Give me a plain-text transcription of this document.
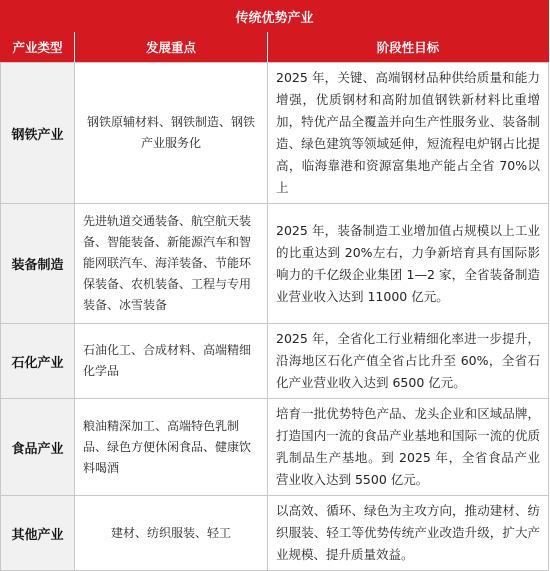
传统优势产业		
产业类型	发展重点	阶段性目标
钢铁产业	钢铁原辅材料、钢铁制造、钢铁产业服务化	2025 年，关键、高端钢材品种供给质量和能力增强，优质钢材和高附加值钢铁新材料比重增加，特优产品全覆盖并向生产性服务业、装备制造、绿色建筑等领域延伸，短流程电炉钢占比提高，临海靠港和资源富集地产能占全省 70%以上
装备制造	先进轨道交通装备、航空航天装备、智能装备、新能源汽车和智能网联汽车、海洋装备、节能环保装备、农机装备、工程与专用装备、冰雪装备	2025 年，装备制造工业增加值占规模以上工业的比重达到 20%左右，力争新培育具有国际影响力的千亿级企业集团 1—2 家，全省装备制造业营业收入达到 11000 亿元。
石化产业	石油化工、合成材料、高端精细化学品	2025 年，全省化工行业精细化率进一步提升，沿海地区石化产值全省占比升至 60%，全省石化产业营业收入达到 6500 亿元。
食品产业	粮油精深加工、高端特色乳制品、绿色方便休闲食品、健康饮料喝酒	培育一批优势特色产品、龙头企业和区域品牌，打造国内一流的食品产业基地和国际一流的优质乳制品生产基地。到 2025 年，全省食品产业营业收入达到 5500 亿元。
其他产业	建材、纺织服装、轻工	以高效、循环、绿色为主攻方向，推动建材、纺织服装、轻工等优势传统产业改造升级，扩大产业规模、提升质量效益。
